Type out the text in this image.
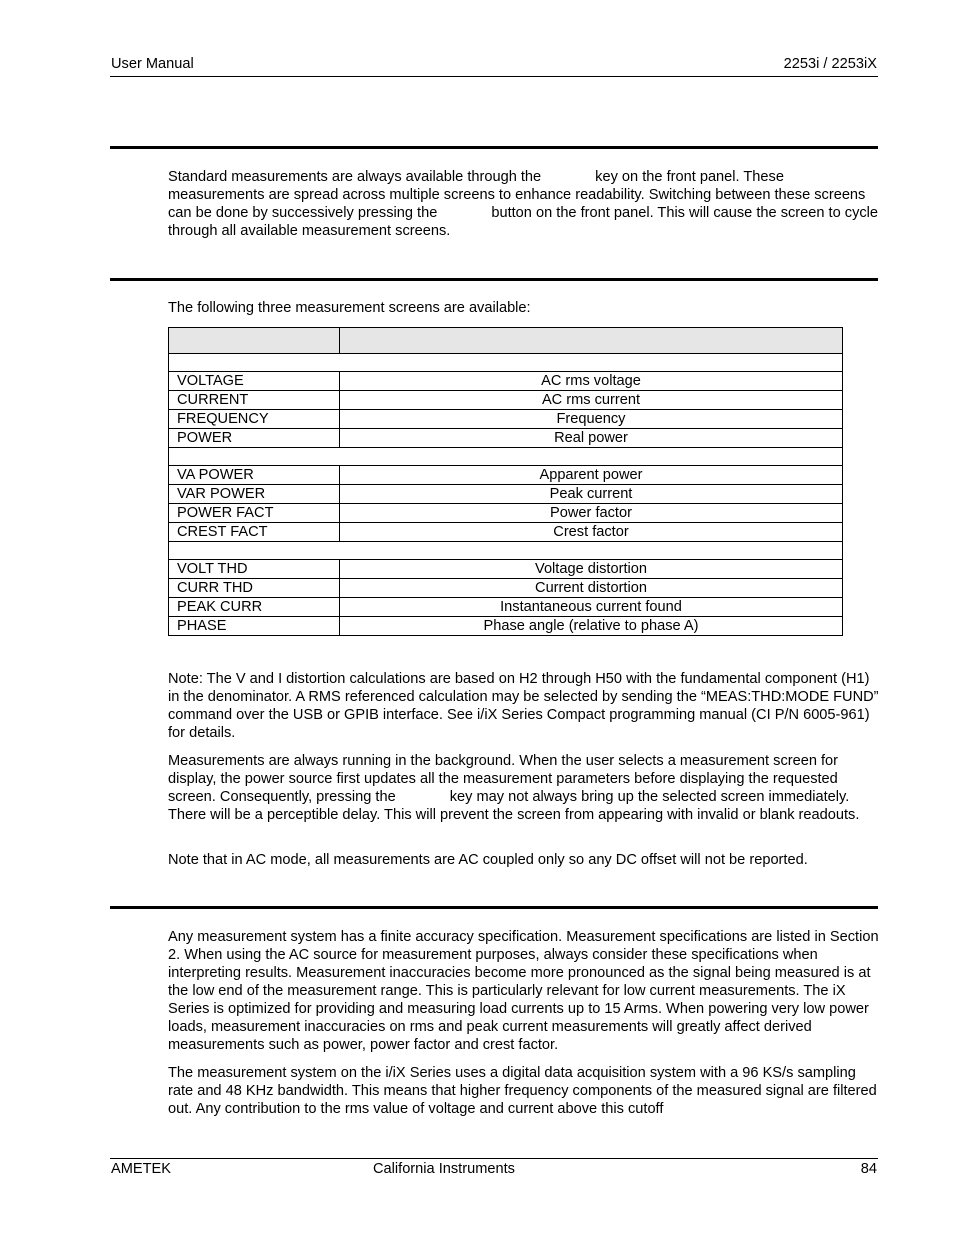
User Manual	2253i / 2253iX

Standard measurements are always available through the	key on the front panel. These measurements are spread across multiple screens to enhance readability. Switching between these screens can be done by successively pressing the	button on the front panel. This will cause the screen to cycle through all available measurement screens.

The following three measurement screens are available:

VOLTAGE	AC rms voltage
CURRENT	AC rms current
FREQUENCY	Frequency
POWER	Real power

VA POWER	Apparent power
VAR POWER	Peak current
POWER FACT	Power factor
CREST FACT	Crest factor

VOLT THD	Voltage distortion
CURR THD	Current distortion
PEAK CURR	Instantaneous current found
PHASE	Phase angle (relative to phase A)

Note: The V and I distortion calculations are based on H2 through H50 with the fundamental component (H1) in the denominator. A RMS referenced calculation may be selected by sending the “MEAS:THD:MODE FUND” command over the USB or GPIB interface. See i/iX Series Compact programming manual (CI P/N 6005-961) for details.

Measurements are always running in the background. When the user selects a measurement screen for display, the power source first updates all the measurement parameters before displaying the requested screen. Consequently, pressing the	key may not always bring up the selected screen immediately. There will be a perceptible delay. This will prevent the screen from appearing with invalid or blank readouts.

Note that in AC mode, all measurements are AC coupled only so any DC offset will not be reported.

Any measurement system has a finite accuracy specification. Measurement specifications are listed in Section 2. When using the AC source for measurement purposes, always consider these specifications when interpreting results. Measurement inaccuracies become more pronounced as the signal being measured is at the low end of the measurement range. This is particularly relevant for low current measurements. The iX Series is optimized for providing and measuring load currents up to 15 Arms. When powering very low power loads, measurement inaccuracies on rms and peak current measurements will greatly affect derived measurements such as power, power factor and crest factor.

The measurement system on the i/iX Series uses a digital data acquisition system with a 96 KS/s sampling rate and 48 KHz bandwidth. This means that higher frequency components of the measured signal are filtered out. Any contribution to the rms value of voltage and current above this cutoff

AMETEK	California Instruments	84
